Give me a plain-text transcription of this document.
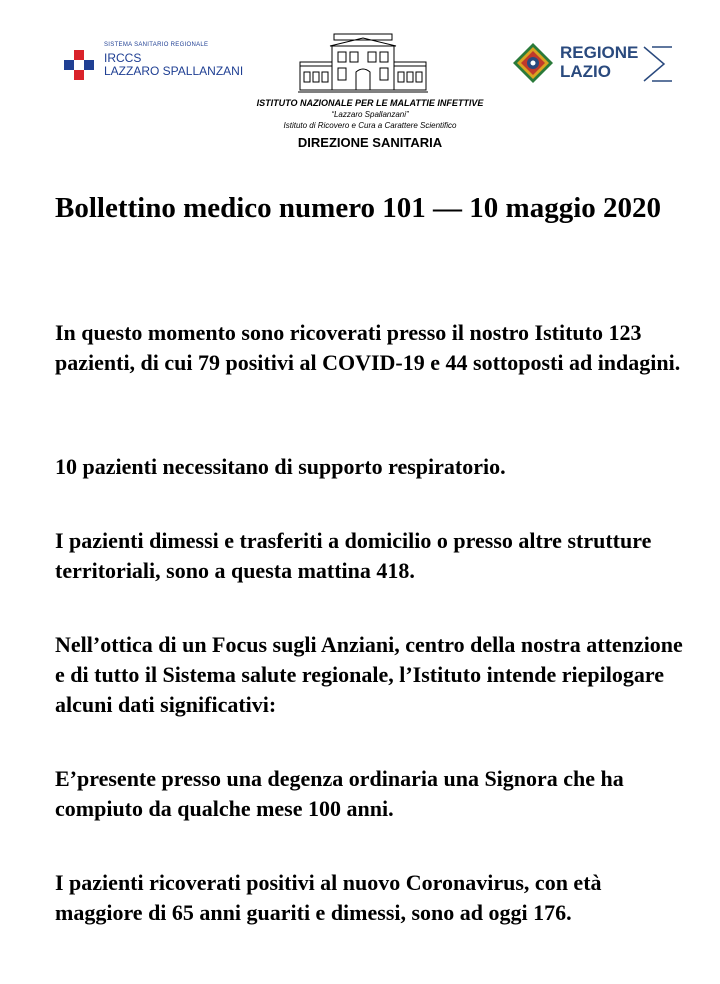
SISTEMA SANITARIO REGIONALE
IRCCS
LAZZARO SPALLANZANI
REGIONE
LAZIO
ISTITUTO NAZIONALE PER LE MALATTIE INFETTIVE
“Lazzaro Spallanzani”
Istituto di Ricovero e Cura a Carattere Scientifico
DIREZIONE SANITARIA
Bollettino medico numero 101 — 10 maggio 2020

In questo momento sono ricoverati presso il nostro Istituto 123 pazienti, di cui 79 positivi al COVID-19 e 44 sottoposti ad indagini.

10 pazienti necessitano di supporto respiratorio.

I pazienti dimessi e trasferiti a domicilio o presso altre strutture territoriali, sono a questa mattina 418.

Nell’ottica di un Focus sugli Anziani, centro della nostra attenzione e di tutto il Sistema salute regionale, l’Istituto intende riepilogare alcuni dati significativi:

E’presente presso una degenza ordinaria una Signora che ha compiuto da qualche mese 100 anni.

I pazienti ricoverati positivi al nuovo Coronavirus, con età maggiore di 65 anni guariti e dimessi, sono ad oggi 176.
